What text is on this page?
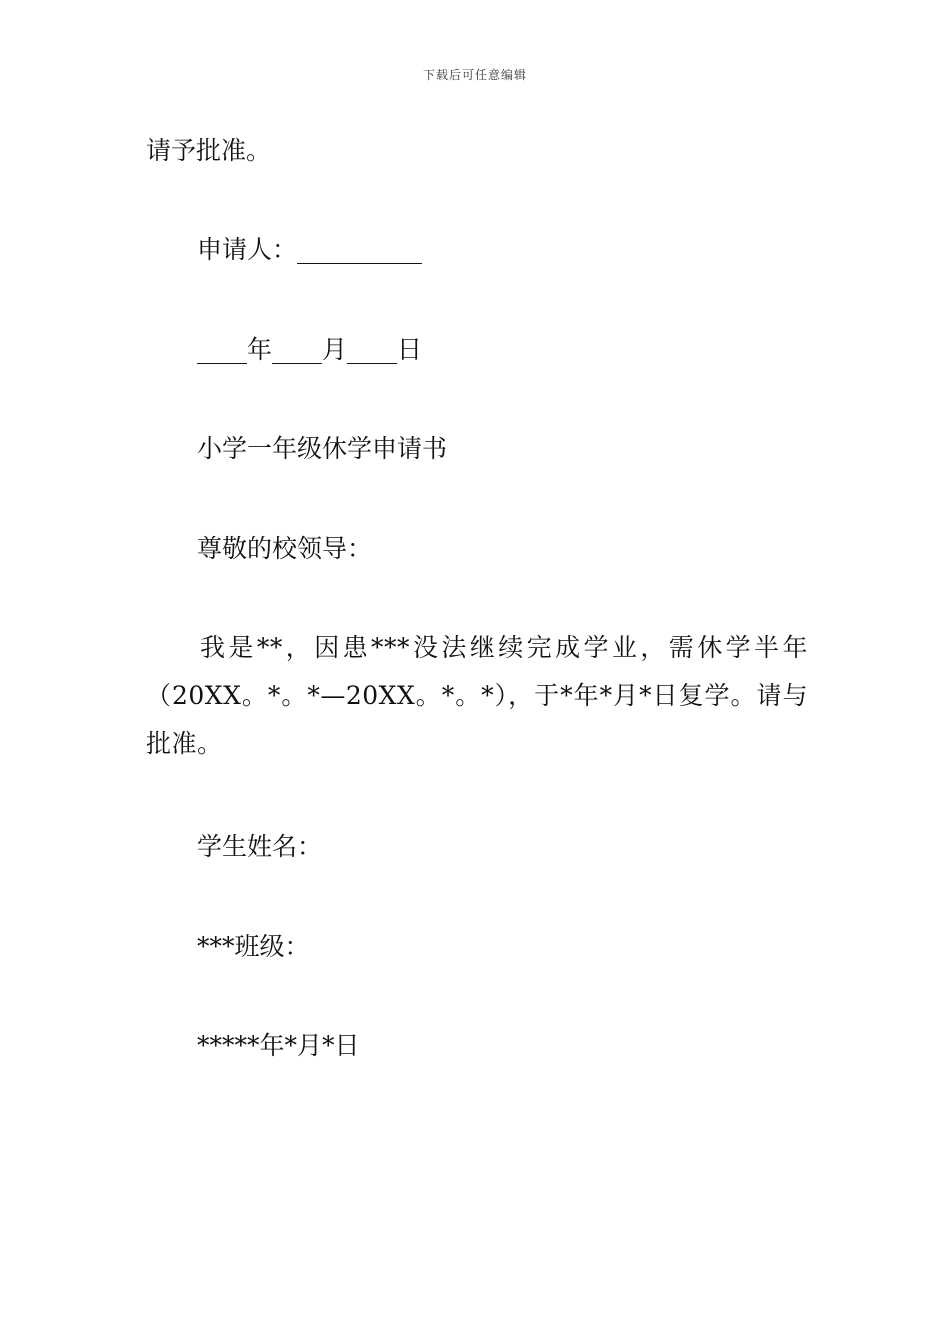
下载后可任意编辑
请予批准。
申请人：__________
____年____月____日
小学一年级休学申请书
尊敬的校领导：
我是**，因患***没法继续完成学业，需休学半年（20XX。*。*—20XX。*。*），于*年*月*日复学。请与批准。
学生姓名：
***班级：
*****年*月*日
